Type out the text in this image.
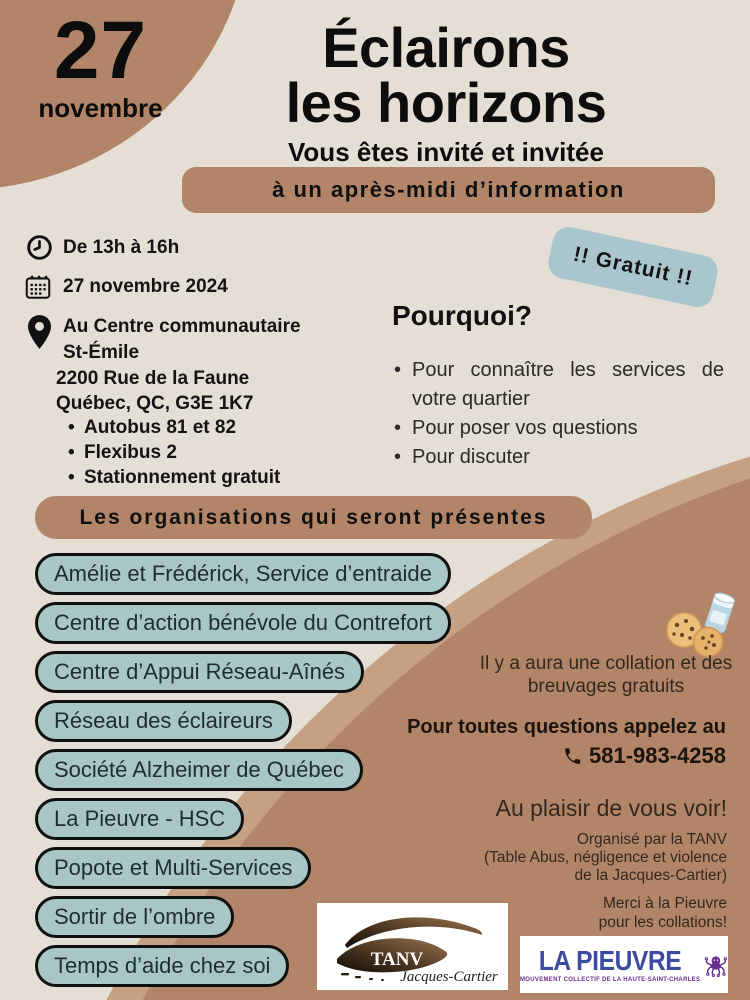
27
novembre
Éclairons
les horizons
Vous êtes invité et invitée
à un après-midi d’information
De 13h à 16h
27 novembre 2024
Au Centre communautaire
St-Émile
2200 Rue de la Faune
Québec, QC, G3E 1K7
• Autobus 81 et 82
• Flexibus 2
• Stationnement gratuit
!! Gratuit !!
Pourquoi?
• Pour connaître les services de votre quartier
• Pour poser vos questions
• Pour discuter
Les organisations qui seront présentes
Amélie et Frédérick, Service d’entraide
Centre d’action bénévole du Contrefort
Centre d’Appui Réseau-Aînés
Réseau des éclaireurs
Société Alzheimer de Québec
La Pieuvre - HSC
Popote et Multi-Services
Sortir de l’ombre
Temps d’aide chez soi
Il y a aura une collation et des
breuvages gratuits
Pour toutes questions appelez au
581-983-4258
Au plaisir de vous voir!
Organisé par la TANV
(Table Abus, négligence et violence
de la Jacques-Cartier)
Merci à la Pieuvre
pour les collations!
TANV
Jacques-Cartier
LA PIEUVRE
MOUVEMENT COLLECTIF DE LA HAUTE-SAINT-CHARLES
